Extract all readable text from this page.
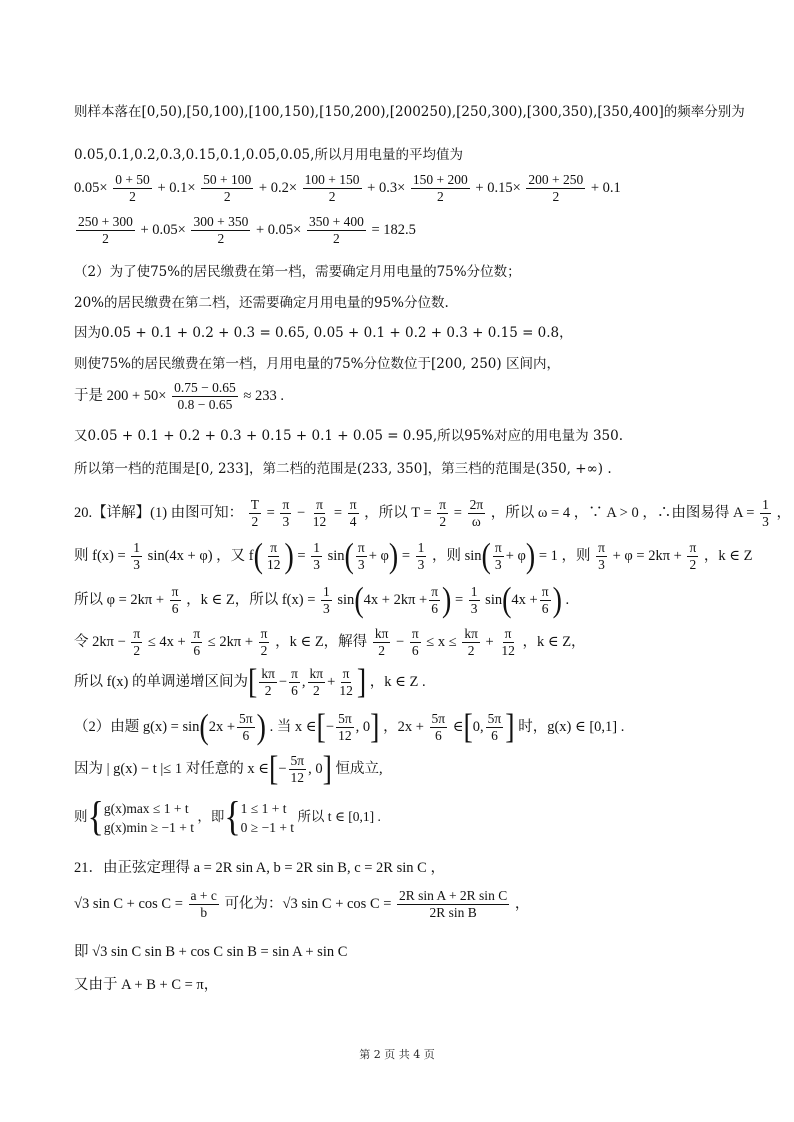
则样本落在[0,50),[50,100),[100,150),[150,200),[200250),[250,300),[300,350),[350,400]的频率分别为
0.05,0.1,0.2,0.3,0.15,0.1,0.05,0.05,所以月用电量的平均值为
$0.05\times \frac{0 + 50}{2} + 0.1\times \frac{50 + 100}{2} + 0.2\times \frac{100 + 150}{2} + 0.3\times \frac{150 + 200}{2} + 0.15\times \frac{200 + 250}{2} + 0.1$
$\frac{250 + 300}{2} + 0.05\times \frac{300 + 350}{2} + 0.05\times \frac{350 + 400}{2} = 182.5$
（2）为了使75%的居民缴费在第一档，需要确定月用电量的75%分位数；
20%的居民缴费在第二档，还需要确定月用电量的95%分位数.
因为0.05 + 0.1 + 0.2 + 0.3 = 0.65, 0.05 + 0.1 + 0.2 + 0.3 + 0.15 = 0.8，
则使75%的居民缴费在第一档，月用电量的75%分位数位于[200, 250) 区间内，
于是 $200 + 50\times \frac{0.75 - 0.65}{0.8 - 0.65} \approx 233$ .
又0.05 + 0.1 + 0.2 + 0.3 + 0.15 + 0.1 + 0.05 = 0.95,所以95%对应的用电量为 350.
所以第一档的范围是[0, 233]，第二档的范围是(233, 350]，第三档的范围是(350, +∞) .
20.【详解】(1) 由图可知： $\frac{T}{2} = \frac{\pi}{3} - \frac{\pi}{12} = \frac{\pi}{4}$ ，所以 $T = \frac{\pi}{2} = \frac{2\pi}{\omega}$ ，所以 ω = 4 ，∵ A > 0 ，∴由图易得 $A = \frac{1}{3}$ ，
则 $f(x) = \frac{1}{3} \sin(4x + \varphi)$ ，又 $f( \frac{\pi}{12}$ ) = $\frac{1}{3} \sin( \frac{\pi}{3} + \varphi) = \frac{1}{3}$ ，则 $\sin( \frac{\pi}{3} + \varphi) = 1$ ，则 $\frac{\pi}{3} + \varphi = 2k\pi + \frac{\pi}{2}$ ，k ∈ Z
所以 $\varphi = 2k\pi + \frac{\pi}{6}$ ，k ∈ Z，所以 $f(x) = \frac{1}{3} \sin(4x + 2k\pi + \frac{\pi}{6}$ ) = $\frac{1}{3} \sin(4x + \frac{\pi}{6}$ ) .
令 $2k\pi - \frac{\pi}{2} \le 4x + \frac{\pi}{6} \le 2k\pi + \frac{\pi}{2}$ ，k ∈ Z，解得 $\frac{k\pi}{2} - \frac{\pi}{6} \le x \le \frac{k\pi}{2} + \frac{\pi}{12}$ ，k ∈ Z，
所以 f(x) 的单调递增区间为[ $\frac{k\pi}{2} - \frac{\pi}{6}$ , $\frac{k\pi}{2} + \frac{\pi}{12}$ ] ，k ∈ Z .
（2）由题 $g(x) = \sin(2x + \frac{5\pi}{6}$ ) . 当 x ∈[− $\frac{5\pi}{12}$ , 0] ，$2x + \frac{5\pi}{6}$ ∈[0, $\frac{5\pi}{6}$ ] 时，g(x) ∈ [0,1] .
因为 | g(x) − t |≤ 1 对任意的 x ∈[− $\frac{5\pi}{12}$ , 0] 恒成立,
则{ g(x)max ≤ 1 + t
g(x)min ≥ −1 + t
，即{ 1 ≤ 1 + t
0 ≥ −1 + t
所以 t ∈ [0,1] .
21．由正弦定理得 a = 2R sin A, b = 2R sin B, c = 2R sin C ，
√3 $\sin C + \cos C = \frac{a + c}{b}$ 可化为：√3 $\sin C + \cos C = \frac{\text{2R sin A + 2R sin C}}{\text{2R sin B}}$ ，
即 √3 sin C sin B + cos C sin B = sin A + sin C
又由于 A + B + C = π，
第 2 页 共 4 页
